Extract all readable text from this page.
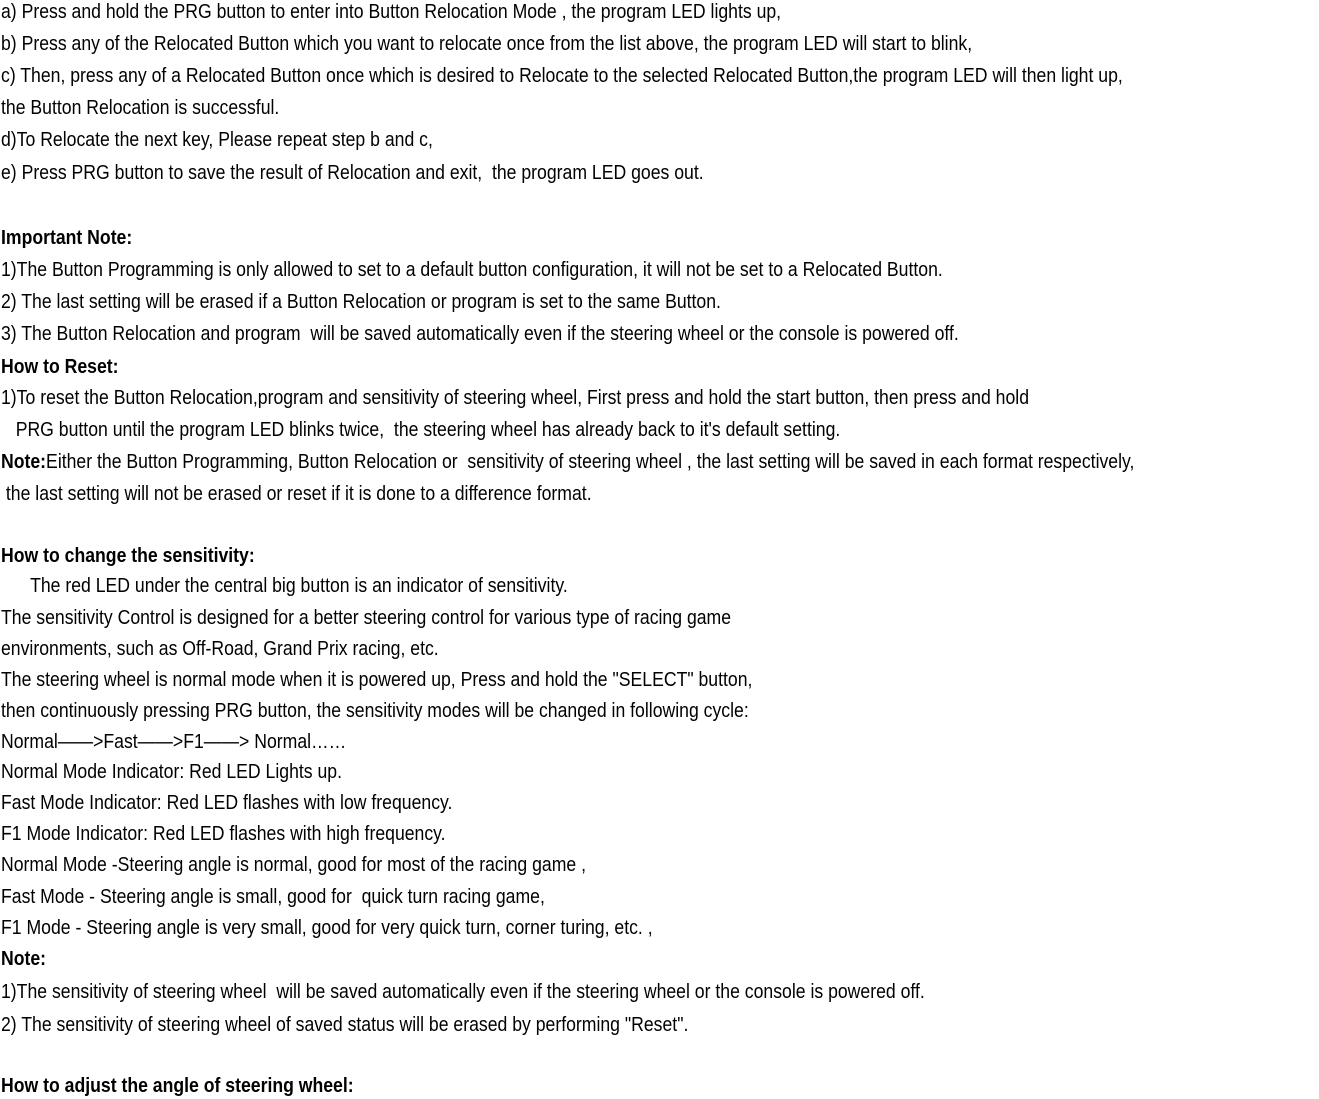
a) Press and hold the PRG button to enter into Button Relocation Mode , the program LED lights up,
b) Press any of the Relocated Button which you want to relocate once from the list above, the program LED will start to blink,
c) Then, press any of a Relocated Button once which is desired to Relocate to the selected Relocated Button,the program LED will then light up,
the Button Relocation is successful.
d)To Relocate the next key, Please repeat step b and c,
e) Press PRG button to save the result of Relocation and exit,  the program LED goes out.
Important Note:
1)The Button Programming is only allowed to set to a default button configuration, it will not be set to a Relocated Button.
2) The last setting will be erased if a Button Relocation or program is set to the same Button.
3) The Button Relocation and program  will be saved automatically even if the steering wheel or the console is powered off.
How to Reset:
1)To reset the Button Relocation,program and sensitivity of steering wheel, First press and hold the start button, then press and hold
PRG button until the program LED blinks twice,  the steering wheel has already back to it's default setting.
Note:Either the Button Programming, Button Relocation or  sensitivity of steering wheel , the last setting will be saved in each format respectively,
the last setting will not be erased or reset if it is done to a difference format.
How to change the sensitivity:
The red LED under the central big button is an indicator of sensitivity.
The sensitivity Control is designed for a better steering control for various type of racing game
environments, such as Off-Road, Grand Prix racing, etc.
The steering wheel is normal mode when it is powered up, Press and hold the "SELECT" button,
then continuously pressing PRG button, the sensitivity modes will be changed in following cycle:
Normal——>Fast——>F1——> Normal……
Normal Mode Indicator: Red LED Lights up.
Fast Mode Indicator: Red LED flashes with low frequency.
F1 Mode Indicator: Red LED flashes with high frequency.
Normal Mode -Steering angle is normal, good for most of the racing game ,
Fast Mode - Steering angle is small, good for  quick turn racing game,
F1 Mode - Steering angle is very small, good for very quick turn, corner turing, etc. ,
Note:
1)The sensitivity of steering wheel  will be saved automatically even if the steering wheel or the console is powered off.
2) The sensitivity of steering wheel of saved status will be erased by performing "Reset".
How to adjust the angle of steering wheel:
